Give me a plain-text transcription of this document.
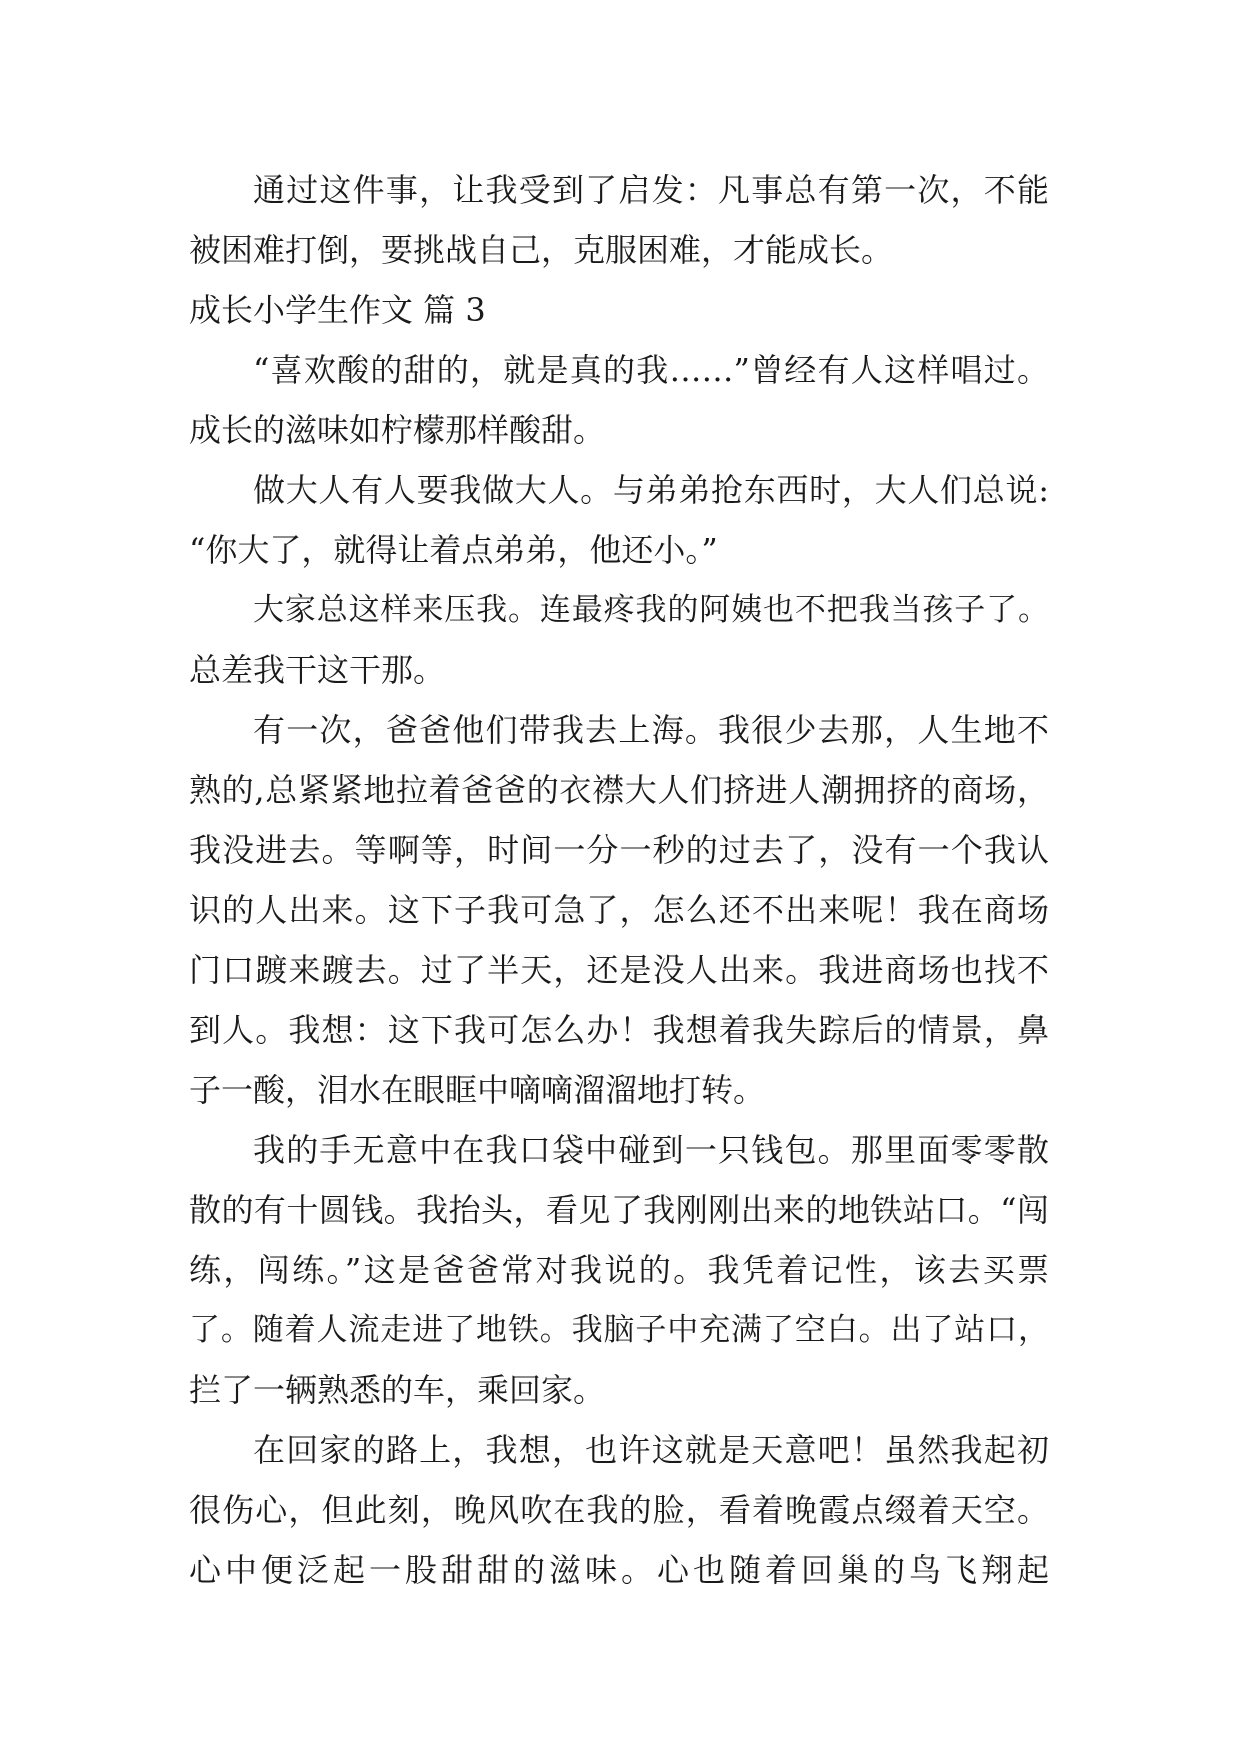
通过这件事，让我受到了启发：凡事总有第一次，不能
被困难打倒，要挑战自己，克服困难，才能成长。
成长小学生作文 篇 3
“喜欢酸的甜的，就是真的我……”曾经有人这样唱过。
成长的滋味如柠檬那样酸甜。
做大人有人要我做大人。与弟弟抢东西时，大人们总说:
“你大了，就得让着点弟弟，他还小。”
大家总这样来压我。连最疼我的阿姨也不把我当孩子了。
总差我干这干那。
有一次，爸爸他们带我去上海。我很少去那，人生地不
熟的,总紧紧地拉着爸爸的衣襟大人们挤进人潮拥挤的商场，
我没进去。等啊等，时间一分一秒的过去了，没有一个我认
识的人出来。这下子我可急了，怎么还不出来呢！我在商场
门口踱来踱去。过了半天，还是没人出来。我进商场也找不
到人。我想：这下我可怎么办！我想着我失踪后的情景，鼻
子一酸，泪水在眼眶中嘀嘀溜溜地打转。
我的手无意中在我口袋中碰到一只钱包。那里面零零散
散的有十圆钱。我抬头，看见了我刚刚出来的地铁站口。“闯
练，闯练。”这是爸爸常对我说的。我凭着记性，该去买票
了。随着人流走进了地铁。我脑子中充满了空白。出了站口，
拦了一辆熟悉的车，乘回家。
在回家的路上，我想，也许这就是天意吧！虽然我起初
很伤心，但此刻，晚风吹在我的脸，看着晚霞点缀着天空。
心中便泛起一股甜甜的滋味。心也随着回巢的鸟飞翔起
